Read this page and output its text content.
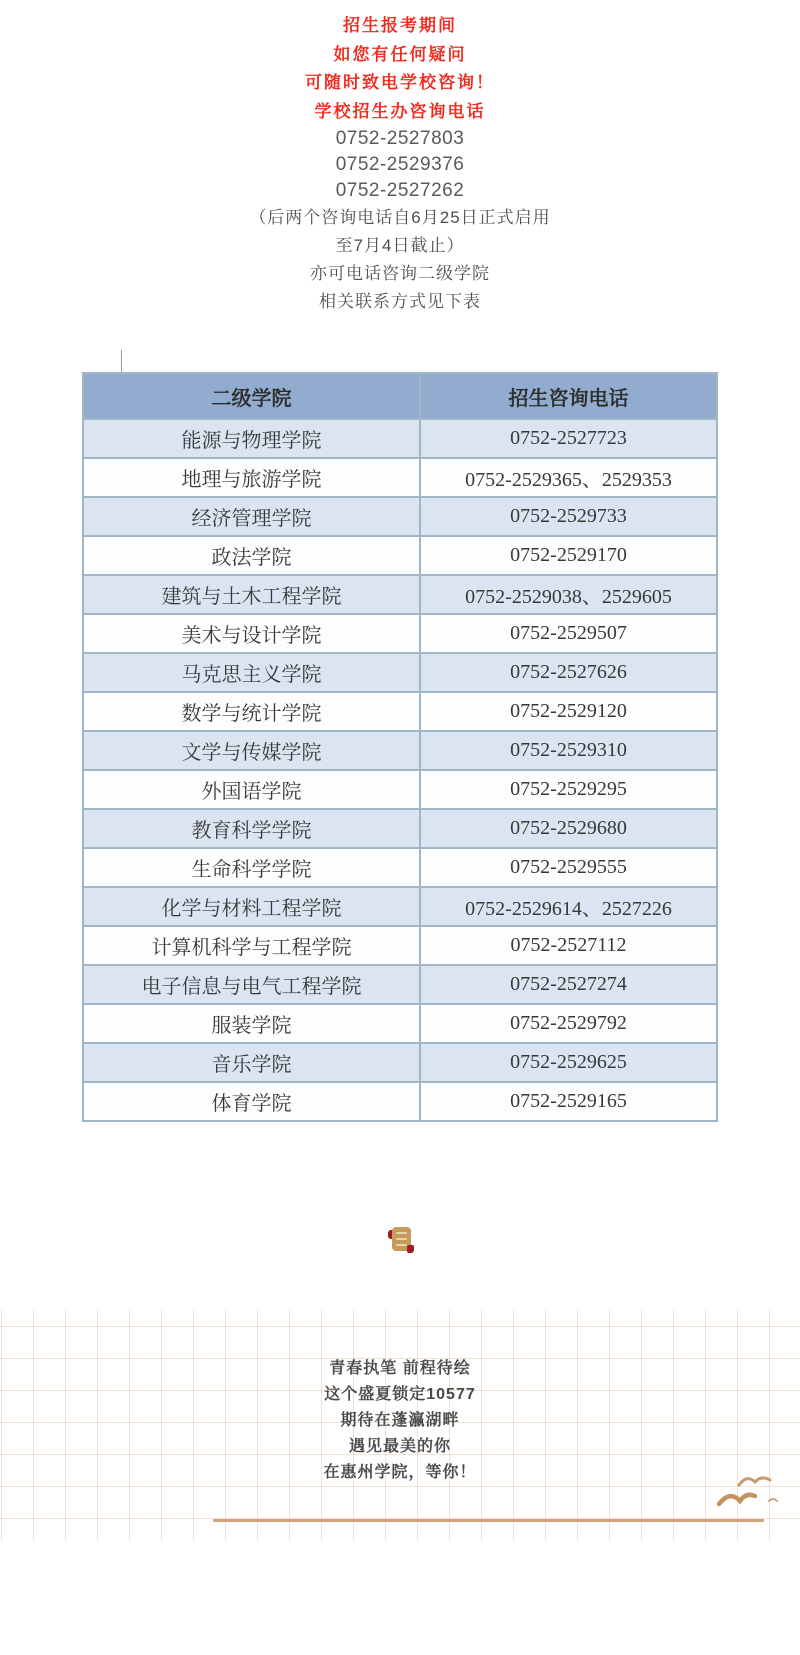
招生报考期间
如您有任何疑问
可随时致电学校咨询！
学校招生办咨询电话
0752-2527803
0752-2529376
0752-2527262
（后两个咨询电话自6月25日正式启用
至7月4日截止）
亦可电话咨询二级学院
相关联系方式见下表
二级学院	招生咨询电话
能源与物理学院	0752-2527723
地理与旅游学院	0752-2529365、2529353
经济管理学院	0752-2529733
政法学院	0752-2529170
建筑与土木工程学院	0752-2529038、2529605
美术与设计学院	0752-2529507
马克思主义学院	0752-2527626
数学与统计学院	0752-2529120
文学与传媒学院	0752-2529310
外国语学院	0752-2529295
教育科学学院	0752-2529680
生命科学学院	0752-2529555
化学与材料工程学院	0752-2529614、2527226
计算机科学与工程学院	0752-2527112
电子信息与电气工程学院	0752-2527274
服装学院	0752-2529792
音乐学院	0752-2529625
体育学院	0752-2529165
青春执笔 前程待绘
这个盛夏锁定10577
期待在蓬瀛湖畔
遇见最美的你
在惠州学院，等你！
